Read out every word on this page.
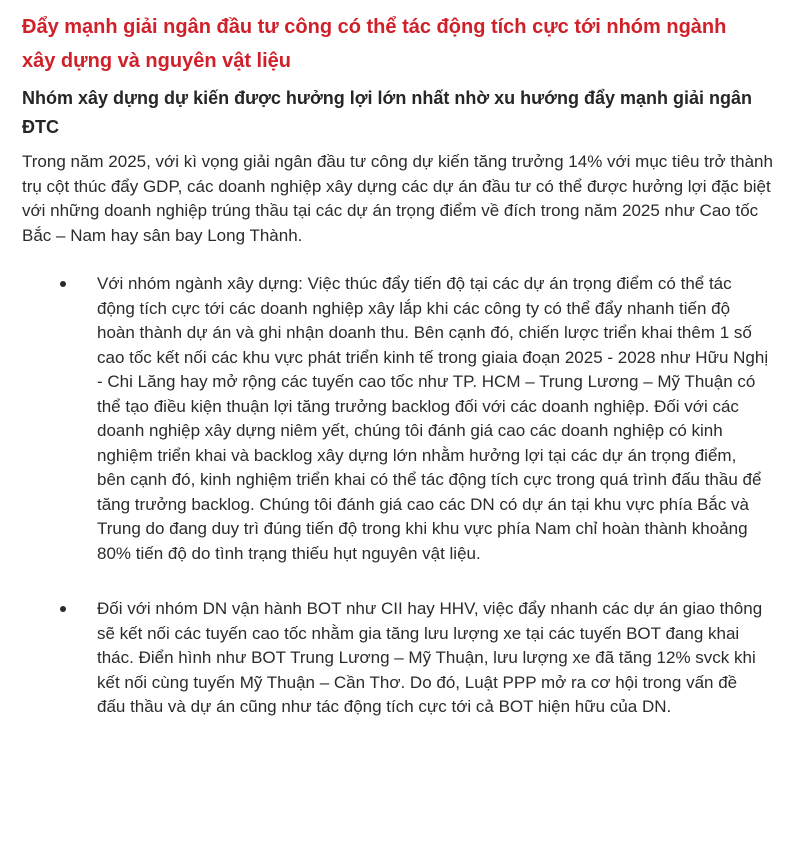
Đẩy mạnh giải ngân đầu tư công có thể tác động tích cực tới nhóm ngành xây dựng và nguyên vật liệu
Nhóm xây dựng dự kiến được hưởng lợi lớn nhất nhờ xu hướng đẩy mạnh giải ngân ĐTC

Trong năm 2025, với kì vọng giải ngân đầu tư công dự kiến tăng trưởng 14% với mục tiêu trở thành trụ cột thúc đẩy GDP, các doanh nghiệp xây dựng các dự án đầu tư có thể được hưởng lợi đặc biệt với những doanh nghiệp trúng thầu tại các dự án trọng điểm về đích trong năm 2025 như Cao tốc Bắc – Nam hay sân bay Long Thành.

Với nhóm ngành xây dựng: Việc thúc đẩy tiến độ tại các dự án trọng điểm có thể tác động tích cực tới các doanh nghiệp xây lắp khi các công ty có thể đẩy nhanh tiến độ hoàn thành dự án và ghi nhận doanh thu. Bên cạnh đó, chiến lược triển khai thêm 1 số cao tốc kết nối các khu vực phát triển kinh tế trong giaia đoạn 2025 - 2028 như Hữu Nghị - Chi Lăng hay mở rộng các tuyến cao tốc như TP. HCM – Trung Lương – Mỹ Thuận có thể tạo điều kiện thuận lợi tăng trưởng backlog đối với các doanh nghiệp. Đối với các doanh nghiệp xây dựng niêm yết, chúng tôi đánh giá cao các doanh nghiệp có kinh nghiệm triển khai và backlog xây dựng lớn nhằm hưởng lợi tại các dự án trọng điểm, bên cạnh đó, kinh nghiệm triển khai có thể tác động tích cực trong quá trình đấu thầu để tăng trưởng backlog. Chúng tôi đánh giá cao các DN có dự án tại khu vực phía Bắc và Trung do đang duy trì đúng tiến độ trong khi khu vực phía Nam chỉ hoàn thành khoảng 80% tiến độ do tình trạng thiếu hụt nguyên vật liệu.

Đối với nhóm DN vận hành BOT như CII hay HHV, việc đẩy nhanh các dự án giao thông sẽ kết nối các tuyến cao tốc nhằm gia tăng lưu lượng xe tại các tuyến BOT đang khai thác. Điển hình như BOT Trung Lương – Mỹ Thuận, lưu lượng xe đã tăng 12% svck khi kết nối cùng tuyến Mỹ Thuận – Cần Thơ. Do đó, Luật PPP mở ra cơ hội trong vấn đề đấu thầu và dự án cũng như tác động tích cực tới cả BOT hiện hữu của DN.
